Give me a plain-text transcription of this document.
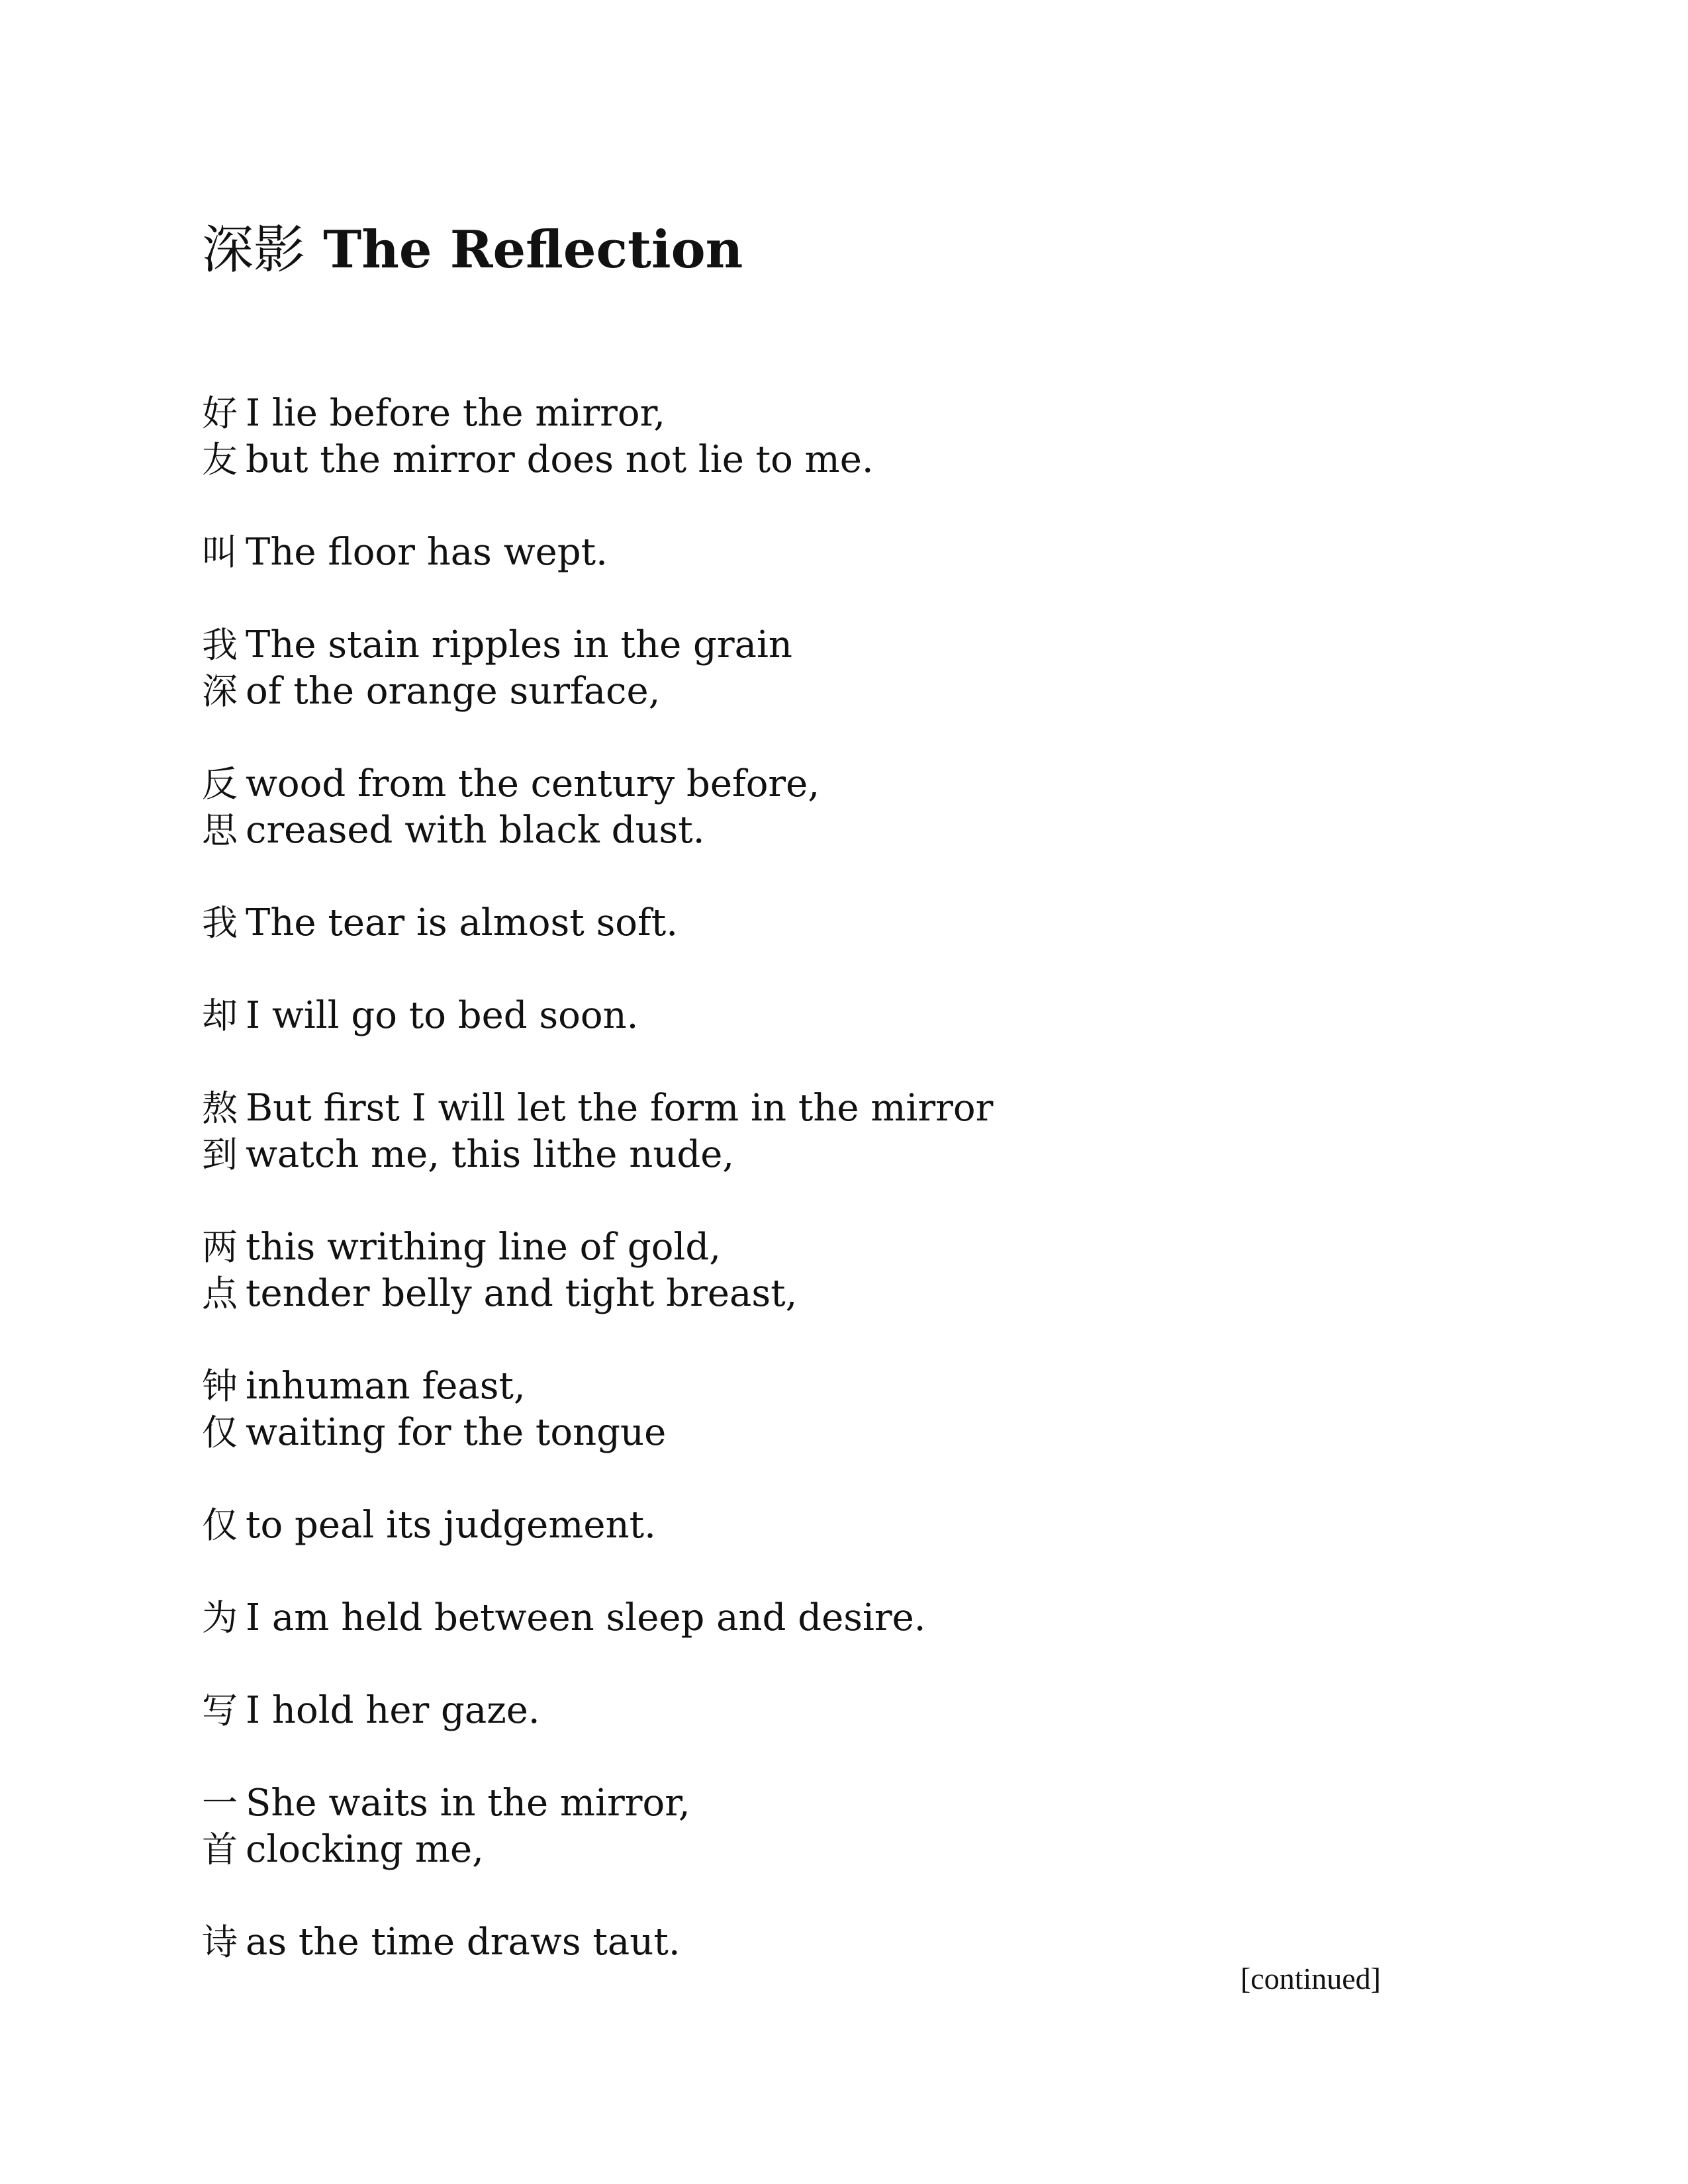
深影 The Reflection
好 I lie before the mirror,
友 but the mirror does not lie to me.
叫 The floor has wept.
我 The stain ripples in the grain
深 of the orange surface,
反 wood from the century before,
思 creased with black dust.
我 The tear is almost soft.
却 I will go to bed soon.
熬 But first I will let the form in the mirror
到 watch me, this lithe nude,
两 this writhing line of gold,
点 tender belly and tight breast,
钟 inhuman feast,
仅 waiting for the tongue
仅 to peal its judgement.
为 I am held between sleep and desire.
写 I hold her gaze.
一 She waits in the mirror,
首 clocking me,
诗 as the time draws taut.
[continued]
